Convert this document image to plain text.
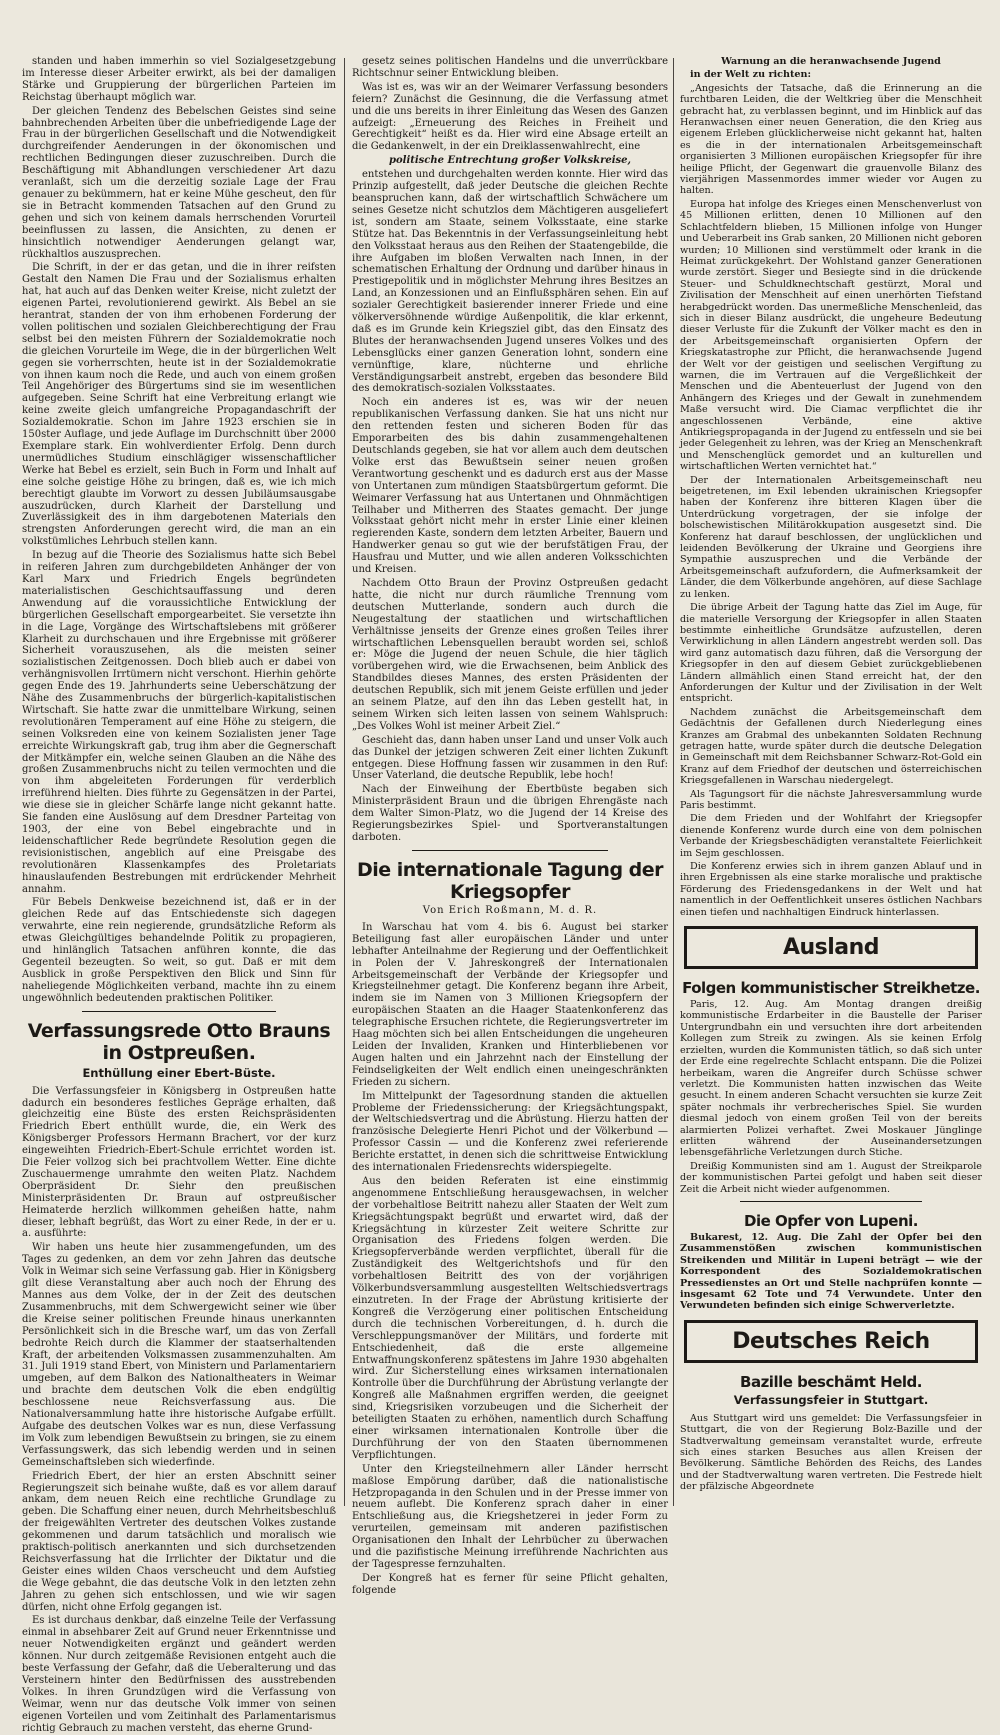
standen und haben immerhin so viel Sozialgesetzgebung im Interesse dieser Arbeiter erwirkt, als bei der damaligen Stärke und Gruppierung der bürgerlichen Parteien im Reichstag überhaupt möglich war.

Der gleichen Tendenz des Bebelschen Geistes sind seine bahnbrechenden Arbeiten über die unbefriedigende Lage der Frau in der bürgerlichen Gesellschaft und die Notwendigkeit durchgreifender Aenderungen in der ökonomischen und rechtlichen Bedingungen dieser zuzuschreiben. Durch die Beschäftigung mit Abhandlungen verschiedener Art dazu veranlaßt, sich um die derzeitig soziale Lage der Frau genauer zu bekümmern, hat er keine Mühe gescheut, den für sie in Betracht kommenden Tatsachen auf den Grund zu gehen und sich von keinem damals herrschenden Vorurteil beeinflussen zu lassen, die Ansichten, zu denen er hinsichtlich notwendiger Aenderungen gelangt war, rückhaltlos auszusprechen.

Die Schrift, in der er das getan, und die in ihrer reifsten Gestalt den Namen Die Frau und der Sozialismus erhalten hat, hat auch auf das Denken weiter Kreise, nicht zuletzt der eigenen Partei, revolutionierend gewirkt. Als Bebel an sie herantrat, standen der von ihm erhobenen Forderung der vollen politischen und sozialen Gleichberechtigung der Frau selbst bei den meisten Führern der Sozialdemokratie noch die gleichen Vorurteile im Wege, die in der bürgerlichen Welt gegen sie vorherrschten, heute ist in der Sozialdemokratie von ihnen kaum noch die Rede, und auch von einem großen Teil Angehöriger des Bürgertums sind sie im wesentlichen aufgegeben. Seine Schrift hat eine Verbreitung erlangt wie keine zweite gleich umfangreiche Propagandaschrift der Sozialdemokratie. Schon im Jahre 1923 erschien sie in 150ster Auflage, und jede Auflage im Durchschnitt über 2000 Exemplare stark. Ein wohlverdienter Erfolg. Denn durch unermüdliches Studium einschlägiger wissenschaftlicher Werke hat Bebel es erzielt, sein Buch in Form und Inhalt auf eine solche geistige Höhe zu bringen, daß es, wie ich mich berechtigt glaubte im Vorwort zu dessen Jubiläumsausgabe auszudrücken, durch Klarheit der Darstellung und Zuverlässigkeit des in ihm dargebotenen Materials den strengsten Anforderungen gerecht wird, die man an ein volkstümliches Lehrbuch stellen kann.

In bezug auf die Theorie des Sozialismus hatte sich Bebel in reiferen Jahren zum durchgebildeten Anhänger der von Karl Marx und Friedrich Engels begründeten materialistischen Geschichtsauffassung und deren Anwendung auf die voraussichtliche Entwicklung der bürgerlichen Gesellschaft emporgearbeitet. Sie versetzte ihn in die Lage, Vorgänge des Wirtschaftslebens mit größerer Klarheit zu durchschauen und ihre Ergebnisse mit größerer Sicherheit vorauszusehen, als die meisten seiner sozialistischen Zeitgenossen. Doch blieb auch er dabei von verhängnisvollen Irrtümern nicht verschont. Hierhin gehörte gegen Ende des 19. Jahrhunderts seine Ueberschätzung der Nähe des Zusammenbruchs der bürgerlich-kapitalistischen Wirtschaft. Sie hatte zwar die unmittelbare Wirkung, seinen revolutionären Temperament auf eine Höhe zu steigern, die seinen Volksreden eine von keinem Sozialisten jener Tage erreichte Wirkungskraft gab, trug ihm aber die Gegnerschaft der Mitkämpfer ein, welche seinen Glauben an die Nähe des großen Zusammenbruchs nicht zu teilen vermochten und die von ihm abgeleiteten Forderungen für verderblich irreführend hielten. Dies führte zu Gegensätzen in der Partei, wie diese sie in gleicher Schärfe lange nicht gekannt hatte. Sie fanden eine Auslösung auf dem Dresdner Parteitag von 1903, der eine von Bebel eingebrachte und in leidenschaftlicher Rede begründete Resolution gegen die revisionistischen, angeblich auf eine Preisgabe des revolutionären Klassenkampfes des Proletariats hinauslaufenden Bestrebungen mit erdrückender Mehrheit annahm.

Für Bebels Denkweise bezeichnend ist, daß er in der gleichen Rede auf das Entschiedenste sich dagegen verwahrte, eine rein negierende, grundsätzliche Reform als etwas Gleichgültiges behandelnde Politik zu propagieren, und hinlänglich Tatsachen anführen konnte, die das Gegenteil bezeugten. So weit, so gut. Daß er mit dem Ausblick in große Perspektiven den Blick und Sinn für naheliegende Möglichkeiten verband, machte ihn zu einem ungewöhnlich bedeutenden praktischen Politiker.

Verfassungsrede Otto Brauns in Ostpreußen.
Enthüllung einer Ebert-Büste.

Die Verfassungsfeier in Königsberg in Ostpreußen hatte dadurch ein besonderes festliches Gepräge erhalten, daß gleichzeitig eine Büste des ersten Reichspräsidenten Friedrich Ebert enthüllt wurde, die, ein Werk des Königsberger Professors Hermann Brachert, vor der kurz eingeweihten Friedrich-Ebert-Schule errichtet worden ist. Die Feier vollzog sich bei prachtvollem Wetter. Eine dichte Zuschauermenge umrahmte den weiten Platz. Nachdem Oberpräsident Dr. Siehr den preußischen Ministerpräsidenten Dr. Braun auf ostpreußischer Heimaterde herzlich willkommen geheißen hatte, nahm dieser, lebhaft begrüßt, das Wort zu einer Rede, in der er u. a. ausführte:

Wir haben uns heute hier zusammengefunden, um des Tages zu gedenken, an dem vor zehn Jahren das deutsche Volk in Weimar sich seine Verfassung gab. Hier in Königsberg gilt diese Veranstaltung aber auch noch der Ehrung des Mannes aus dem Volke, der in der Zeit des deutschen Zusammenbruchs, mit dem Schwergewicht seiner wie über die Kreise seiner politischen Freunde hinaus unerkannten Persönlichkeit sich in die Bresche warf, um das von Zerfall bedrohte Reich durch die Klammer der staatserhaltenden Kraft, der arbeitenden Volksmassen zusammenzuhalten. Am 31. Juli 1919 stand Ebert, von Ministern und Parlamentariern umgeben, auf dem Balkon des Nationaltheaters in Weimar und brachte dem deutschen Volk die eben endgültig beschlossene neue Reichsverfassung aus. Die Nationalversammlung hatte ihre historische Aufgabe erfüllt. Aufgabe des deutschen Volkes war es nun, diese Verfassung im Volk zum lebendigen Bewußtsein zu bringen, sie zu einem Verfassungswerk, das sich lebendig werden und in seinen Gemeinschaftsleben sich wiederfinde.

Friedrich Ebert, der hier an ersten Abschnitt seiner Regierungszeit sich beinahe wußte, daß es vor allem darauf ankam, dem neuen Reich eine rechtliche Grundlage zu geben. Die Schaffung einer neuen, durch Mehrheitsbeschluß der freigewählten Vertreter des deutschen Volkes zustande gekommenen und darum tatsächlich und moralisch wie praktisch-politisch anerkannten und sich durchsetzenden Reichsverfassung hat die Irrlichter der Diktatur und die Geister eines wilden Chaos verscheucht und dem Aufstieg die Wege gebahnt, die das deutsche Volk in den letzten zehn Jahren zu gehen sich entschlossen, und wie wir sagen dürfen, nicht ohne Erfolg gegangen ist.

Es ist durchaus denkbar, daß einzelne Teile der Verfassung einmal in absehbarer Zeit auf Grund neuer Erkenntnisse und neuer Notwendigkeiten ergänzt und geändert werden können. Nur durch zeitgemäße Revisionen entgeht auch die beste Verfassung der Gefahr, daß die Ueberalterung und das Versteinern hinter den Bedürfnissen des ausstrebenden Volkes. In ihren Grundzügen wird die Verfassung von Weimar, wenn nur das deutsche Volk immer von seinen eigenen Vorteilen und vom Zeitinhalt des Parlamentarismus richtig Gebrauch zu machen versteht, das eherne Grund-

gesetz seines politischen Handelns und die unverrückbare Richtschnur seiner Entwicklung bleiben.

Was ist es, was wir an der Weimarer Verfassung besonders feiern? Zunächst die Gesinnung, die die Verfassung atmet und die uns bereits in ihrer Einleitung das Wesen des Ganzen aufzeigt: „Erneuerung des Reiches in Freiheit und Gerechtigkeit“ heißt es da. Hier wird eine Absage erteilt an die Gedankenwelt, in der ein Dreiklassenwahlrecht, eine

politische Entrechtung großer Volkskreise,

entstehen und durchgehalten werden konnte. Hier wird das Prinzip aufgestellt, daß jeder Deutsche die gleichen Rechte beanspruchen kann, daß der wirtschaftlich Schwächere um seines Gesetze nicht schutzlos dem Mächtigeren ausgeliefert ist, sondern am Staate, seinem Volksstaate, eine starke Stütze hat. Das Bekenntnis in der Verfassungseinleitung hebt den Volksstaat heraus aus den Reihen der Staatengebilde, die ihre Aufgaben im bloßen Verwalten nach Innen, in der schematischen Erhaltung der Ordnung und darüber hinaus in Prestigepolitik und in möglichster Mehrung ihres Besitzes an Land, an Konzessionen und an Einflußsphären sehen. Ein auf sozialer Gerechtigkeit basierender innerer Friede und eine völkerversöhnende würdige Außenpolitik, die klar erkennt, daß es im Grunde kein Kriegsziel gibt, das den Einsatz des Blutes der heranwachsenden Jugend unseres Volkes und des Lebensglücks einer ganzen Generation lohnt, sondern eine vernünftige, klare, nüchterne und ehrliche Verständigungsarbeit anstrebt, ergeben das besondere Bild des demokratisch-sozialen Volksstaates.

Noch ein anderes ist es, was wir der neuen republikanischen Verfassung danken. Sie hat uns nicht nur den rettenden festen und sicheren Boden für das Emporarbeiten des bis dahin zusammengehaltenen Deutschlands gegeben, sie hat vor allem auch dem deutschen Volke erst das Bewußtsein seiner neuen großen Verantwortung geschenkt und es dadurch erst aus der Masse von Untertanen zum mündigen Staatsbürgertum geformt. Die Weimarer Verfassung hat aus Untertanen und Ohnmächtigen Teilhaber und Mitherren des Staates gemacht. Der junge Volksstaat gehört nicht mehr in erster Linie einer kleinen regierenden Kaste, sondern dem letzten Arbeiter, Bauern und Handwerker genau so gut wie der berufstätigen Frau, der Hausfrau und Mutter, und wie allen anderen Volksschichten und Kreisen.

Nachdem Otto Braun der Provinz Ostpreußen gedacht hatte, die nicht nur durch räumliche Trennung vom deutschen Mutterlande, sondern auch durch die Neugestaltung der staatlichen und wirtschaftlichen Verhältnisse jenseits der Grenze eines großen Teiles ihrer wirtschaftlichen Lebensquellen beraubt worden sei, schloß er: Möge die Jugend der neuen Schule, die hier täglich vorübergehen wird, wie die Erwachsenen, beim Anblick des Standbildes dieses Mannes, des ersten Präsidenten der deutschen Republik, sich mit jenem Geiste erfüllen und jeder an seinem Platze, auf den ihn das Leben gestellt hat, in seinem Wirken sich leiten lassen von seinem Wahlspruch: „Des Volkes Wohl ist meiner Arbeit Ziel.“

Geschieht das, dann haben unser Land und unser Volk auch das Dunkel der jetzigen schweren Zeit einer lichten Zukunft entgegen. Diese Hoffnung fassen wir zusammen in den Ruf: Unser Vaterland, die deutsche Republik, lebe hoch!

Nach der Einweihung der Ebertbüste begaben sich Ministerpräsident Braun und die übrigen Ehrengäste nach dem Walter Simon-Platz, wo die Jugend der 14 Kreise des Regierungsbezirkes Spiel- und Sportveranstaltungen darboten.

Die internationale Tagung der Kriegsopfer
Von Erich Roßmann, M. d. R.

In Warschau hat vom 4. bis 6. August bei starker Beteiligung fast aller europäischen Länder und unter lebhafter Anteilnahme der Regierung und der Oeffentlichkeit in Polen der V. Jahreskongreß der Internationalen Arbeitsgemeinschaft der Verbände der Kriegsopfer und Kriegsteilnehmer getagt. Die Konferenz begann ihre Arbeit, indem sie im Namen von 3 Millionen Kriegsopfern der europäischen Staaten an die Haager Staatenkonferenz das telegraphische Ersuchen richtete, die Regierungsvertreter im Haag möchten sich bei allen Entscheidungen die ungeheuren Leiden der Invaliden, Kranken und Hinterbliebenen vor Augen halten und ein Jahrzehnt nach der Einstellung der Feindseligkeiten der Welt endlich einen uneingeschränkten Frieden zu sichern.

Im Mittelpunkt der Tagesordnung standen die aktuellen Probleme der Friedenssicherung: der Kriegsächtungspakt, der Weltschiedsvertrag und die Abrüstung. Hierzu hatten der französische Delegierte Henri Pichot und der Völkerbund — Professor Cassin — und die Konferenz zwei referierende Berichte erstattet, in denen sich die schrittweise Entwicklung des internationalen Friedensrechts widerspiegelte.

Aus den beiden Referaten ist eine einstimmig angenommene Entschließung herausgewachsen, in welcher der vorbehaltlose Beitritt nahezu aller Staaten der Welt zum Kriegsächtungspakt begrüßt und erwartet wird, daß der Kriegsächtung in kürzester Zeit weitere Schritte zur Organisation des Friedens folgen werden. Die Kriegsopferverbände werden verpflichtet, überall für die Zuständigkeit des Weltgerichtshofs und für den vorbehaltlosen Beitritt des von der vorjährigen Völkerbundsversammlung ausgestellten Weltschiedsvertrags einzutreten. In der Frage der Abrüstung kritisierte der Kongreß die Verzögerung einer politischen Entscheidung durch die technischen Vorbereitungen, d. h. durch die Verschleppungsmanöver der Militärs, und forderte mit Entschiedenheit, daß die erste allgemeine Entwaffnungskonferenz spätestens im Jahre 1930 abgehalten wird. Zur Sicherstellung eines wirksamen internationalen Kontrolle über die Durchführung der Abrüstung verlangte der Kongreß alle Maßnahmen ergriffen werden, die geeignet sind, Kriegsrisiken vorzubeugen und die Sicherheit der beteiligten Staaten zu erhöhen, namentlich durch Schaffung einer wirksamen internationalen Kontrolle über die Durchführung der von den Staaten übernommenen Verpflichtungen.

Unter den Kriegsteilnehmern aller Länder herrscht maßlose Empörung darüber, daß die nationalistische Hetzpropaganda in den Schulen und in der Presse immer von neuem auflebt. Die Konferenz sprach daher in einer Entschließung aus, die Kriegshetzerei in jeder Form zu verurteilen, gemeinsam mit anderen pazifistischen Organisationen den Inhalt der Lehrbücher zu überwachen und die pazifistische Meinung irreführende Nachrichten aus der Tagespresse fernzuhalten.

Der Kongreß hat es ferner für seine Pflicht gehalten, folgende

Warnung an die heranwachsende Jugend

in der Welt zu richten:

„Angesichts der Tatsache, daß die Erinnerung an die furchtbaren Leiden, die der Weltkrieg über die Menschheit gebracht hat, zu verblassen beginnt, und im Hinblick auf das Heranwachsen einer neuen Generation, die den Krieg aus eigenem Erleben glücklicherweise nicht gekannt hat, halten es die in der internationalen Arbeitsgemeinschaft organisierten 3 Millionen europäischen Kriegsopfer für ihre heilige Pflicht, der Gegenwart die grauenvolle Bilanz des vierjährigen Massenmordes immer wieder vor Augen zu halten.

Europa hat infolge des Krieges einen Menschenverlust von 45 Millionen erlitten, denen 10 Millionen auf den Schlachtfeldern blieben, 15 Millionen infolge von Hunger und Ueberarbeit ins Grab sanken, 20 Millionen nicht geboren wurden; 10 Millionen sind verstümmelt oder krank in die Heimat zurückgekehrt. Der Wohlstand ganzer Generationen wurde zerstört. Sieger und Besiegte sind in die drückende Steuer- und Schuldknechtschaft gestürzt, Moral und Zivilisation der Menschheit auf einen unerhörten Tiefstand herabgedrückt worden. Das unermeßliche Menschenleid, das sich in dieser Bilanz ausdrückt, die ungeheure Bedeutung dieser Verluste für die Zukunft der Völker macht es den in der Arbeitsgemeinschaft organisierten Opfern der Kriegskatastrophe zur Pflicht, die heranwachsende Jugend der Welt vor der geistigen und seelischen Vergiftung zu warnen, die im Vertrauen auf die Vergeßlichkeit der Menschen und die Abenteuerlust der Jugend von den Anhängern des Krieges und der Gewalt in zunehmendem Maße versucht wird. Die Ciamac verpflichtet die ihr angeschlossenen Verbände, eine aktive Antikriegspropaganda in der Jugend zu entfesseln und sie bei jeder Gelegenheit zu lehren, was der Krieg an Menschenkraft und Menschenglück gemordet und an kulturellen und wirtschaftlichen Werten vernichtet hat.“

Der der Internationalen Arbeitsgemeinschaft neu beigetretenen, im Exil lebenden ukrainischen Kriegsopfer haben der Konferenz ihre bitteren Klagen über die Unterdrückung vorgetragen, der sie infolge der bolschewistischen Militärokkupation ausgesetzt sind. Die Konferenz hat darauf beschlossen, der unglücklichen und leidenden Bevölkerung der Ukraine und Georgiens ihre Sympathie auszusprechen und die Verbände der Arbeitsgemeinschaft aufzufordern, die Aufmerksamkeit der Länder, die dem Völkerbunde angehören, auf diese Sachlage zu lenken.

Die übrige Arbeit der Tagung hatte das Ziel im Auge, für die materielle Versorgung der Kriegsopfer in allen Staaten bestimmte einheitliche Grundsätze aufzustellen, deren Verwirklichung in allen Ländern angestrebt werden soll. Das wird ganz automatisch dazu führen, daß die Versorgung der Kriegsopfer in den auf diesem Gebiet zurückgebliebenen Ländern allmählich einen Stand erreicht hat, der den Anforderungen der Kultur und der Zivilisation in der Welt entspricht.

Nachdem zunächst die Arbeitsgemeinschaft dem Gedächtnis der Gefallenen durch Niederlegung eines Kranzes am Grabmal des unbekannten Soldaten Rechnung getragen hatte, wurde später durch die deutsche Delegation in Gemeinschaft mit dem Reichsbanner Schwarz-Rot-Gold ein Kranz auf dem Friedhof der deutschen und österreichischen Kriegsgefallenen in Warschau niedergelegt.

Als Tagungsort für die nächste Jahresversammlung wurde Paris bestimmt.

Die dem Frieden und der Wohlfahrt der Kriegsopfer dienende Konferenz wurde durch eine von dem polnischen Verbande der Kriegsbeschädigten veranstaltete Feierlichkeit im Sejm geschlossen.

Die Konferenz erwies sich in ihrem ganzen Ablauf und in ihren Ergebnissen als eine starke moralische und praktische Förderung des Friedensgedankens in der Welt und hat namentlich in der Oeffentlichkeit unseres östlichen Nachbars einen tiefen und nachhaltigen Eindruck hinterlassen.

Ausland
Folgen kommunistischer Streikhetze.

Paris, 12. Aug. Am Montag drangen dreißig kommunistische Erdarbeiter in die Baustelle der Pariser Untergrundbahn ein und versuchten ihre dort arbeitenden Kollegen zum Streik zu zwingen. Als sie keinen Erfolg erzielten, wurden die Kommunisten tätlich, so daß sich unter der Erde eine regelrechte Schlacht entspann. Die die Polizei herbeikam, waren die Angreifer durch Schüsse schwer verletzt. Die Kommunisten hatten inzwischen das Weite gesucht. In einem anderen Schacht versuchten sie kurze Zeit später nochmals ihr verbrecherisches Spiel. Sie wurden diesmal jedoch von einem großen Teil von der bereits alarmierten Polizei verhaftet. Zwei Moskauer Jünglinge erlitten während der Auseinandersetzungen lebensgefährliche Verletzungen durch Stiche.

Dreißig Kommunisten sind am 1. August der Streikparole der kommunistischen Partei gefolgt und haben seit dieser Zeit die Arbeit nicht wieder aufgenommen.

Die Opfer von Lupeni.

Bukarest, 12. Aug. Die Zahl der Opfer bei den Zusammenstößen zwischen kommunistischen Streikenden und Militär in Lupeni beträgt — wie der Korrespondent des Sozialdemokratischen Pressedienstes an Ort und Stelle nachprüfen konnte — insgesamt 62 Tote und 74 Verwundete. Unter den Verwundeten befinden sich einige Schwerverletzte.

Deutsches Reich
Bazille beschämt Held.
Verfassungsfeier in Stuttgart.

Aus Stuttgart wird uns gemeldet: Die Verfassungsfeier in Stuttgart, die von der Regierung Bolz-Bazille und der Stadtverwaltung gemeinsam veranstaltet wurde, erfreute sich eines starken Besuches aus allen Kreisen der Bevölkerung. Sämtliche Behörden des Reichs, des Landes und der Stadtverwaltung waren vertreten. Die Festrede hielt der pfälzische Abgeordnete
